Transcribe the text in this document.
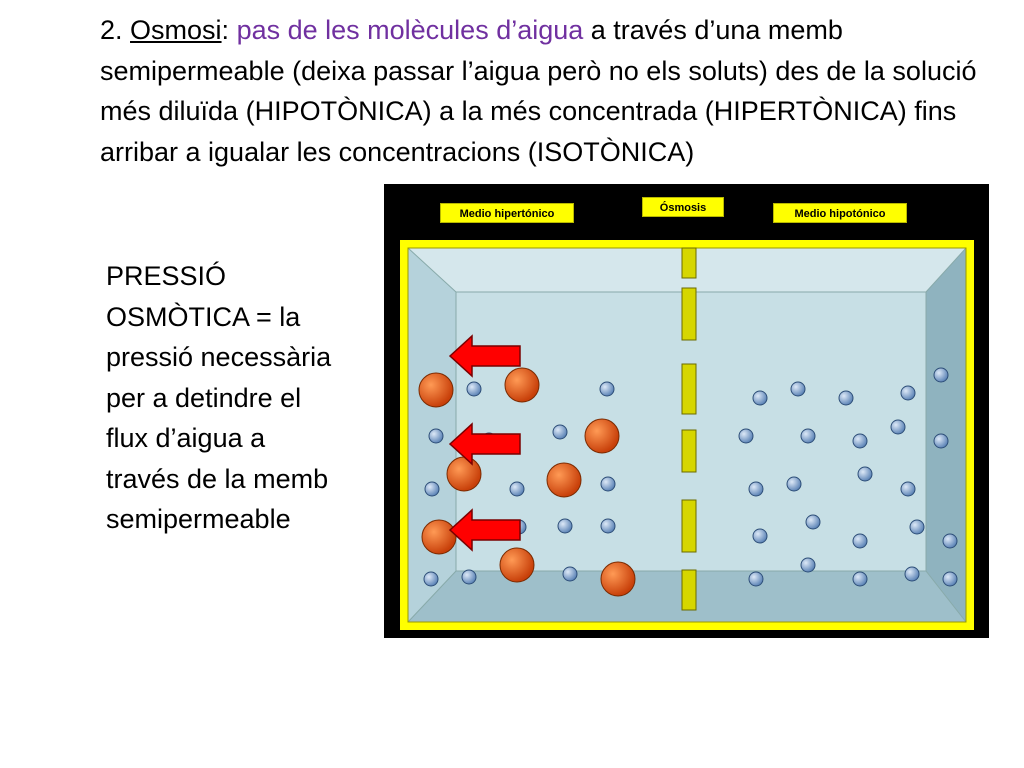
2. Osmosi: pas de les molècules d’aigua a través d’una memb semipermeable (deixa passar l’aigua però no els soluts) des de la solució més diluïda (HIPOTÒNICA) a la més concentrada (HIPERTÒNICA) fins arribar a igualar les concentracions (ISOTÒNICA)

PRESSIÓ OSMÒTICA = la pressió necessària per a detindre el flux d’aigua a través de la memb semipermeable

Medio hipertónico	Ósmosis	Medio hipotónico
